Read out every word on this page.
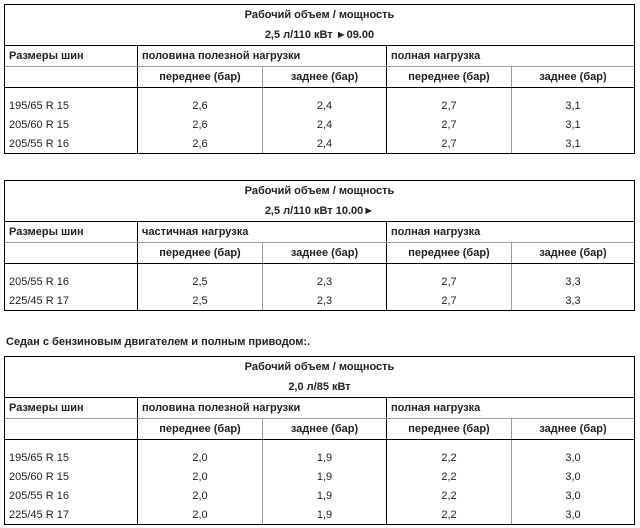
Рабочий объем / мощность
2,5 л/110 кВт ►09.00
Размеры шин	половина полезной нагрузки	полная нагрузка
переднее (бар)	заднее (бар)	переднее (бар)	заднее (бар)
195/65 R 15	2,6	2,4	2,7	3,1
205/60 R 15	2,6	2,4	2,7	3,1
205/55 R 16	2,6	2,4	2,7	3,1
Рабочий объем / мощность
2,5 л/110 кВт 10.00►
Размеры шин	частичная нагрузка	полная нагрузка
переднее (бар)	заднее (бар)	переднее (бар)	заднее (бар)
205/55 R 16	2,5	2,3	2,7	3,3
225/45 R 17	2,5	2,3	2,7	3,3
Седан с бензиновым двигателем и полным приводом:.
Рабочий объем / мощность
2,0 л/85 кВт
Размеры шин	половина полезной нагрузки	полная нагрузка
переднее (бар)	заднее (бар)	переднее (бар)	заднее (бар)
195/65 R 15	2,0	1,9	2,2	3,0
205/60 R 15	2,0	1,9	2,2	3,0
205/55 R 16	2,0	1,9	2,2	3,0
225/45 R 17	2,0	1,9	2,2	3,0
